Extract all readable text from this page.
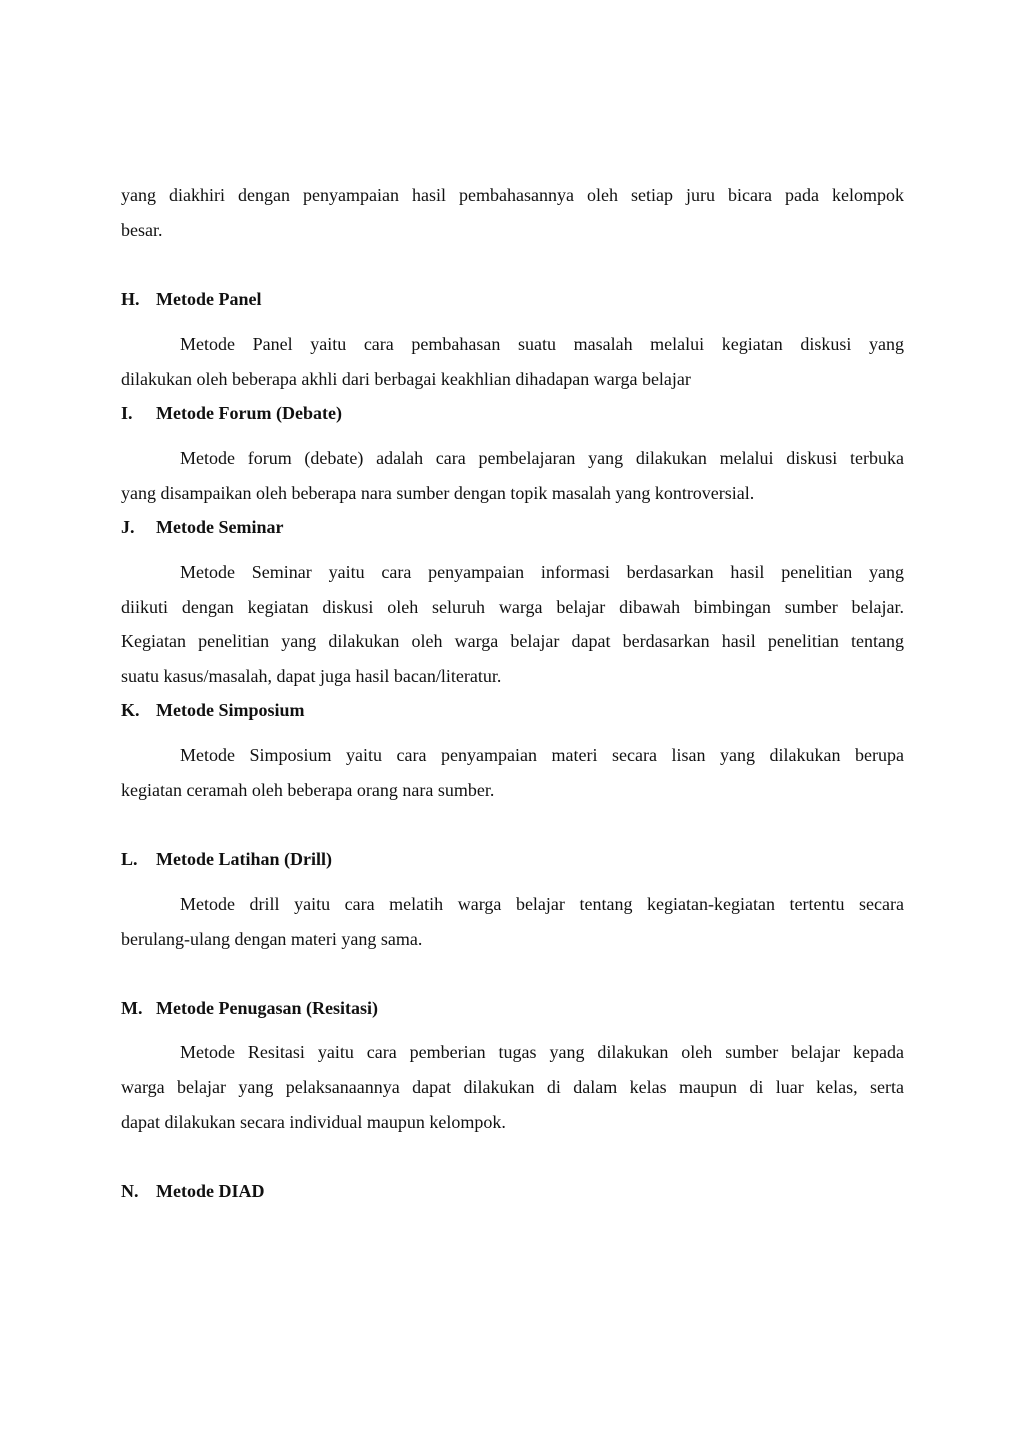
yang diakhiri dengan penyampaian hasil pembahasannya oleh setiap juru bicara pada kelompok
besar.
H. Metode Panel
Metode Panel yaitu cara pembahasan suatu masalah melalui kegiatan diskusi yang
dilakukan oleh beberapa akhli dari berbagai keakhlian dihadapan warga belajar
I. Metode Forum (Debate)
Metode forum (debate) adalah cara pembelajaran yang dilakukan melalui diskusi terbuka
yang disampaikan oleh beberapa nara sumber dengan topik masalah yang kontroversial.
J. Metode Seminar
Metode Seminar yaitu cara penyampaian informasi berdasarkan hasil penelitian yang
diikuti dengan kegiatan diskusi oleh seluruh warga belajar dibawah bimbingan sumber belajar.
Kegiatan penelitian yang dilakukan oleh warga belajar dapat berdasarkan hasil penelitian tentang
suatu kasus/masalah, dapat juga hasil bacan/literatur.
K. Metode Simposium
Metode Simposium yaitu cara penyampaian materi secara lisan yang dilakukan berupa
kegiatan ceramah oleh beberapa orang nara sumber.
L. Metode Latihan (Drill)
Metode drill yaitu cara melatih warga belajar tentang kegiatan-kegiatan tertentu secara
berulang-ulang dengan materi yang sama.
M. Metode Penugasan (Resitasi)
Metode Resitasi yaitu cara pemberian tugas yang dilakukan oleh sumber belajar kepada
warga belajar yang pelaksanaannya dapat dilakukan di dalam kelas maupun di luar kelas, serta
dapat dilakukan secara individual maupun kelompok.
N. Metode DIAD
